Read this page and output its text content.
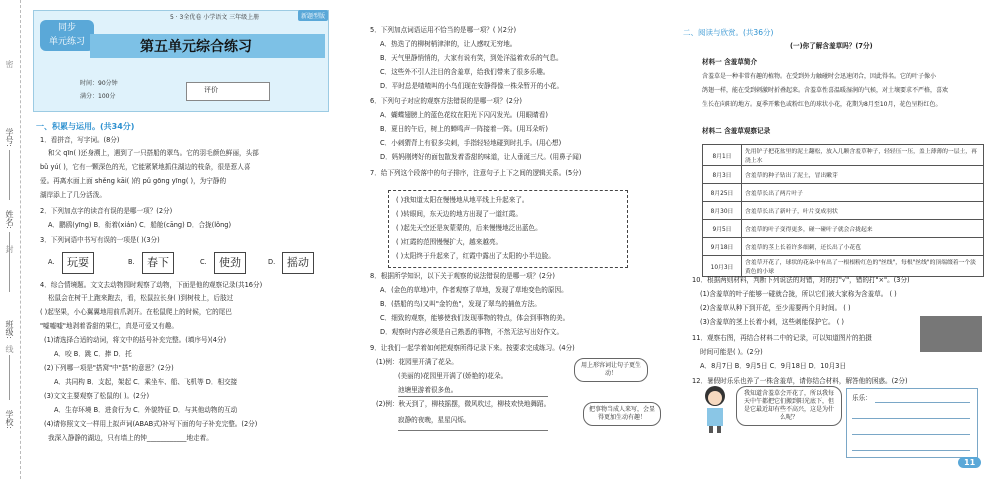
学号:
姓名:
班级:
学校:
密
线
同步
单元练习
5 · 3全优卷 小学语文 三年级上册	新题型版
第五单元综合练习
时间：90分钟
满分：100分
评价
一、积累与运用。(共34分)
1．看拼音，写字词。(8分)
和父 qīn( )还身溯上，遇到了一只搭船的翠鸟。它的羽毛颜色鲜丽，头部
bǔ yú( )，它有一颗深色的光，它能紧紧地抓住湖边的枝条，很是惹人喜
爱。再离水面上面 shěng kāi( )的 pǔ gōng yīng( )，为宁静的
湖岸添上了几分活泼。
2．下列加点字的读音有误的是哪一项？(2分)
A．鹏鸥(yīng) B．衔着(xián) C．船舱(cāng) D．合拢(lǒng)
3．下列词语中书写有误的一项是( )(3分)
A.	玩耍	B.	春下	C.	使劲	D.	摇动
4．综合情境题。文文去动物园时观察了动物，下面是他的观察记录(共16分)
松鼠会在树干上跑来跑去，看，松鼠拉长身( )到树枝上，后肢过
( )起坚果，小心翼翼地用前爪剥开。在松鼠爬上的时候，它的尾巴
"嘘嘘嘘"地剥着香甜的果仁，真是可爱又有趣。
(1)请选择合适的动词，将文中的括号补充完整。(填序号)(4分)
A．咬 B．跳 C．捧 D．托
(2)下列哪一项是"搭窝"中"搭"的意思？(2分)
A．共同构 B．支起，架起 C．乘坐车、船、飞机等 D．相交接
(3)文文主要观察了松鼠的( )。(2分)
A．生存环境 B．进食行为 C．外貌特征 D．与其他动物的互动
(4)请你照文文一样用上拟声词(ABAB式)补写下面的句子补充完整。(2分)
我深入静静的湖边，只有墙上的钟____________地走着。
5．下列加点词语运用不恰当的是哪一项？( )(2分)
A．热迭了的柳树梢津津的，让人感叹无穷地。
B．天气里静悄悄的，大家有说有笑，到处洋溢着欢乐的气息。
C．这些外不引人注目的含羞草，给我们带来了很多乐趣。
D．平时总是喳喳叫的小鸟们现在安静得像一株朵暂开的小花。
6．下列句子对应的观察方法错误的是哪一项？(2分)
A．蝴蝶翅膀上的蓝色花纹在阳光下闪闪发光。(用眼睛看)
B．夏日的午后，树上的蝉鸣声一阵接着一阵。(用耳朵听)
C．小刺猬背上有很多尖刺，手指轻轻地碰到时扎手。(用心想)
D．妈妈刚烤好的面包散发着香甜的味道，让人垂涎三尺。(用鼻子闻)
7．给下列这个段落中的句子排序，注意句子上下之间的逻辑关系。(5分)
( )我知道太阳在慢慢地从地平线上升起来了。
( )转眼间，东天边的地方出现了一道红霞。
( )起先天空还是灰蒙蒙的，后来慢慢地泛出蓝色。
( )红霞的范围慢慢扩大，越来越亮。
( )太阳终于升起来了，红霞中露出了太阳的小半边脸。
8．根据所学知识，以下关于观察的说法错误的是哪一项？(2分)
A．(金色的草地)中，作者观察了草地，发现了草地变色的原因。
B．(搭船的鸟)又叫"金钓鱼"，发现了翠鸟的捕鱼方法。
C．细致的观察，能够使我们发现事物的特点，体会到事物的美。
D．观察时内容必须是自己熟悉的事物，不然无法写出好作文。
9．让我们一起学着如何把观察所得记录下来。按要求完成练习。(4分)
(1)例：花园里开满了花朵。
(美丽的)花园里开满了(娇艳的)花朵。
池塘里游着很多鱼。
(2)例：秋天到了，柳枝摇摆，微风吹过，柳枝欢快地舞蹈。
寂静的夜晚，星星闪烁。
用上形容词让句子更生动！
把事物当成人来写，会显得更加生动有趣！
二、阅读与欣赏。(共36分)
(一)你了解含羞草吗？(7分)
材料一 含羞草简介
含羞草是一种非常有趣的植物。在受到外力触碰时会迅速闭合，因此得名。它的叶子像小
鸽翅一样，能在受到刺激时折叠起来。含羞草性喜温暖湿润的气候，对土壤要求不严格，喜欢
生长在向阳的地方。夏季开紫色或粉红色的球状小花，花期为8月至10月，花色呈粉红色。
材料二 含羞草观察记录
8月1日	先用铲子把花盆里的泥土翻松，放入几颗含羞草种子，轻轻压一压，盖上薄薄的一层土，再浇上水
8月3日	含羞草的种子钻出了泥土，冒出嫩芽
8月25日	含羞草长出了两片叶子
8月30日	含羞草长出了新叶子，叶片变成羽状
9月5日	含羞草的叶子变得更多，碰一碰叶子就会合拢起来
9月18日	含羞草的茎上长着许多细刺，还长出了小花苞
10月3日	含羞草开花了，球状的花朵中有出了一根根粉红色的"丝线"，每根"丝线"的顶端缀着一个淡黄色的小球
10．根据两则材料，判断下列说法的对错，对的打"√"，错的打"×"。(3分)
(1)含羞草的叶子能够一碰就合拢，所以它们被大家称为含羞草。 ( )
(2)含羞草从种下到开花，至少需要两个月时间。 ( )
(3)含羞草的茎上长着小刺，这些刺能保护它。 ( )
11．观察右图，再结合材料二中的记录，可以知道图片的拍摄
时间可能是( )。(2分)
A．8月7日 B．9月5日 C．9月18日 D．10月3日
12．暑假时乐乐也养了一株含羞草，请你结合材料，解答他的困惑。(2分)
我知道含羞草会开花了，所以我每天中午都把它们搬到阳光底下，但是它最近却有些不高兴，这是为什么呢？
乐乐：
11
